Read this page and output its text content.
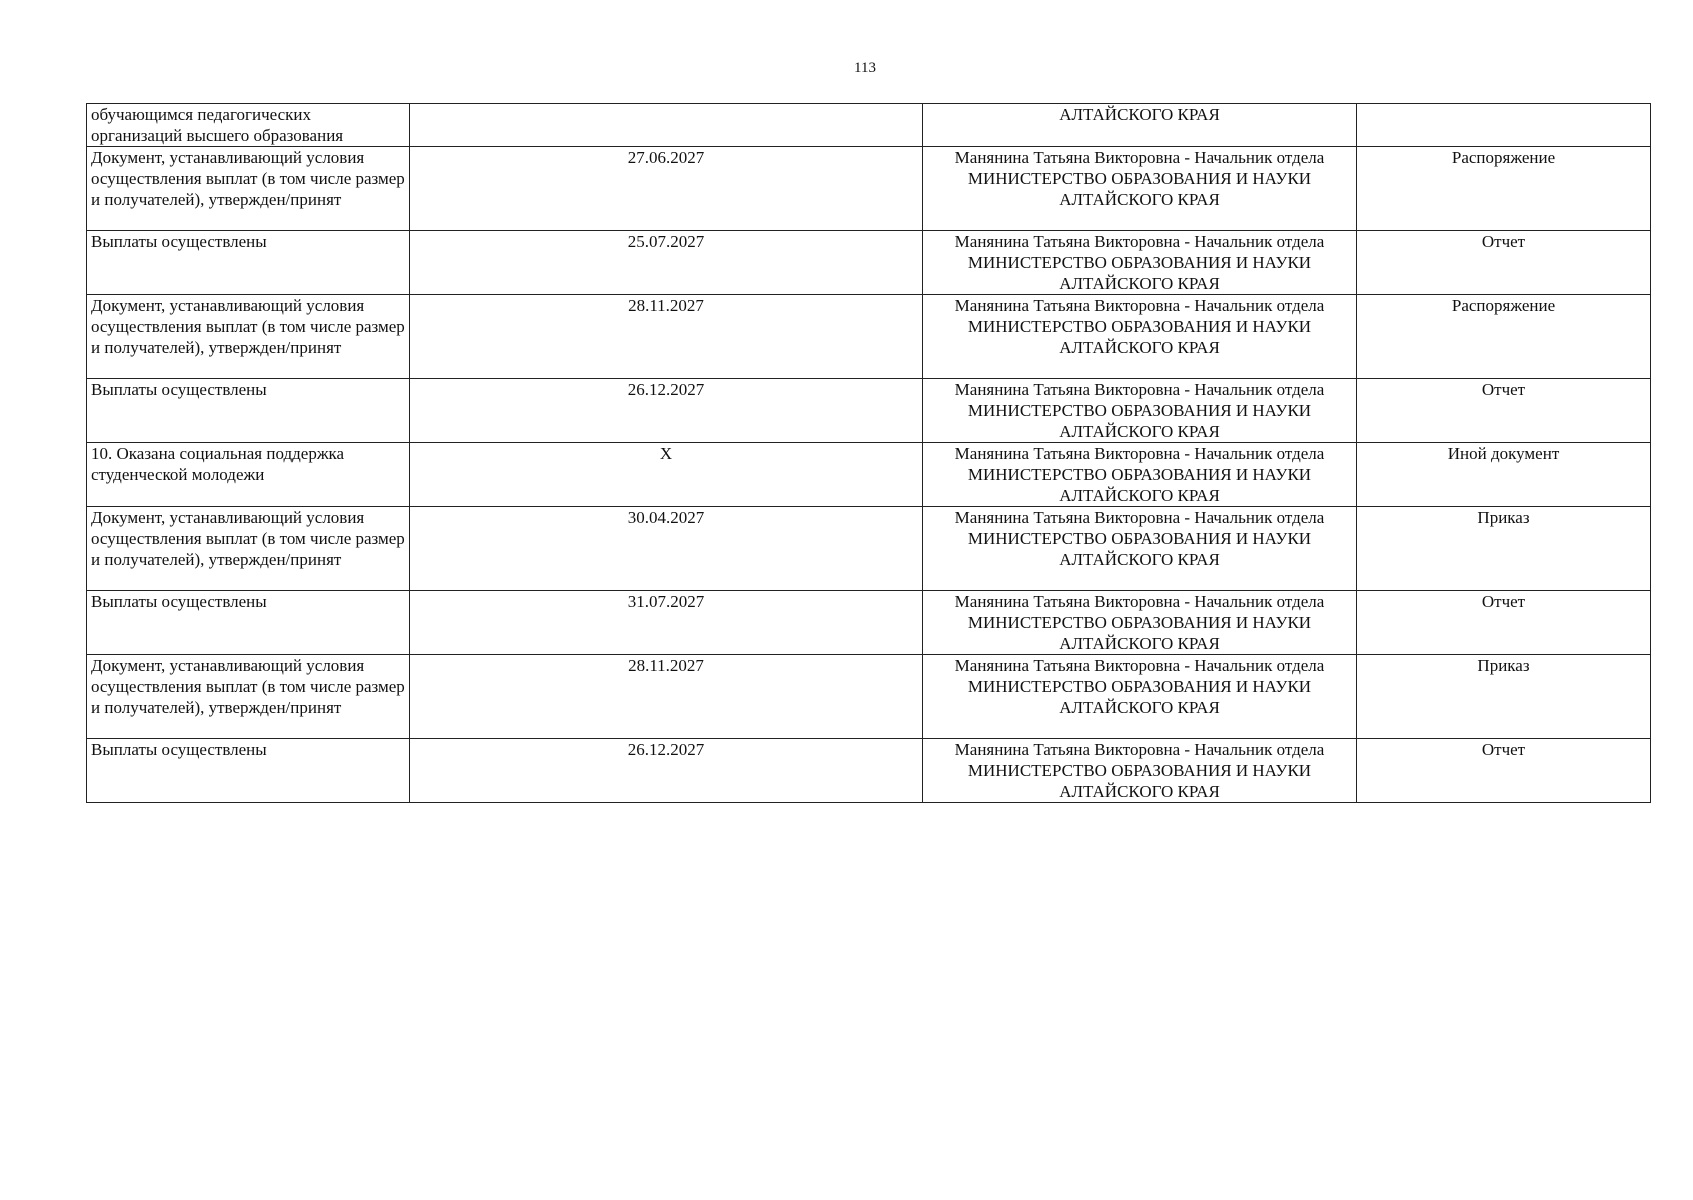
113
обучающимся педагогических организаций высшего образования		АЛТАЙСКОГО КРАЯ	

Документ, устанавливающий условия осуществления выплат (в том числе размер и получателей), утвержден/принят	27.06.2027	Манянина Татьяна Викторовна - Начальник отдела
МИНИСТЕРСТВО ОБРАЗОВАНИЯ И НАУКИ
АЛТАЙСКОГО КРАЯ	Распоряжение
Выплаты осуществлены	25.07.2027	Манянина Татьяна Викторовна - Начальник отдела
МИНИСТЕРСТВО ОБРАЗОВАНИЯ И НАУКИ
АЛТАЙСКОГО КРАЯ	Отчет
Документ, устанавливающий условия осуществления выплат (в том числе размер и получателей), утвержден/принят	28.11.2027	Манянина Татьяна Викторовна - Начальник отдела
МИНИСТЕРСТВО ОБРАЗОВАНИЯ И НАУКИ
АЛТАЙСКОГО КРАЯ	Распоряжение
Выплаты осуществлены	26.12.2027	Манянина Татьяна Викторовна - Начальник отдела
МИНИСТЕРСТВО ОБРАЗОВАНИЯ И НАУКИ
АЛТАЙСКОГО КРАЯ	Отчет
10. Оказана социальная поддержка студенческой молодежи	X	Манянина Татьяна Викторовна - Начальник отдела
МИНИСТЕРСТВО ОБРАЗОВАНИЯ И НАУКИ
АЛТАЙСКОГО КРАЯ	Иной документ
Документ, устанавливающий условия осуществления выплат (в том числе размер и получателей), утвержден/принят	30.04.2027	Манянина Татьяна Викторовна - Начальник отдела
МИНИСТЕРСТВО ОБРАЗОВАНИЯ И НАУКИ
АЛТАЙСКОГО КРАЯ	Приказ
Выплаты осуществлены	31.07.2027	Манянина Татьяна Викторовна - Начальник отдела
МИНИСТЕРСТВО ОБРАЗОВАНИЯ И НАУКИ
АЛТАЙСКОГО КРАЯ	Отчет
Документ, устанавливающий условия осуществления выплат (в том числе размер и получателей), утвержден/принят	28.11.2027	Манянина Татьяна Викторовна - Начальник отдела
МИНИСТЕРСТВО ОБРАЗОВАНИЯ И НАУКИ
АЛТАЙСКОГО КРАЯ	Приказ
Выплаты осуществлены	26.12.2027	Манянина Татьяна Викторовна - Начальник отдела
МИНИСТЕРСТВО ОБРАЗОВАНИЯ И НАУКИ
АЛТАЙСКОГО КРАЯ	Отчет
